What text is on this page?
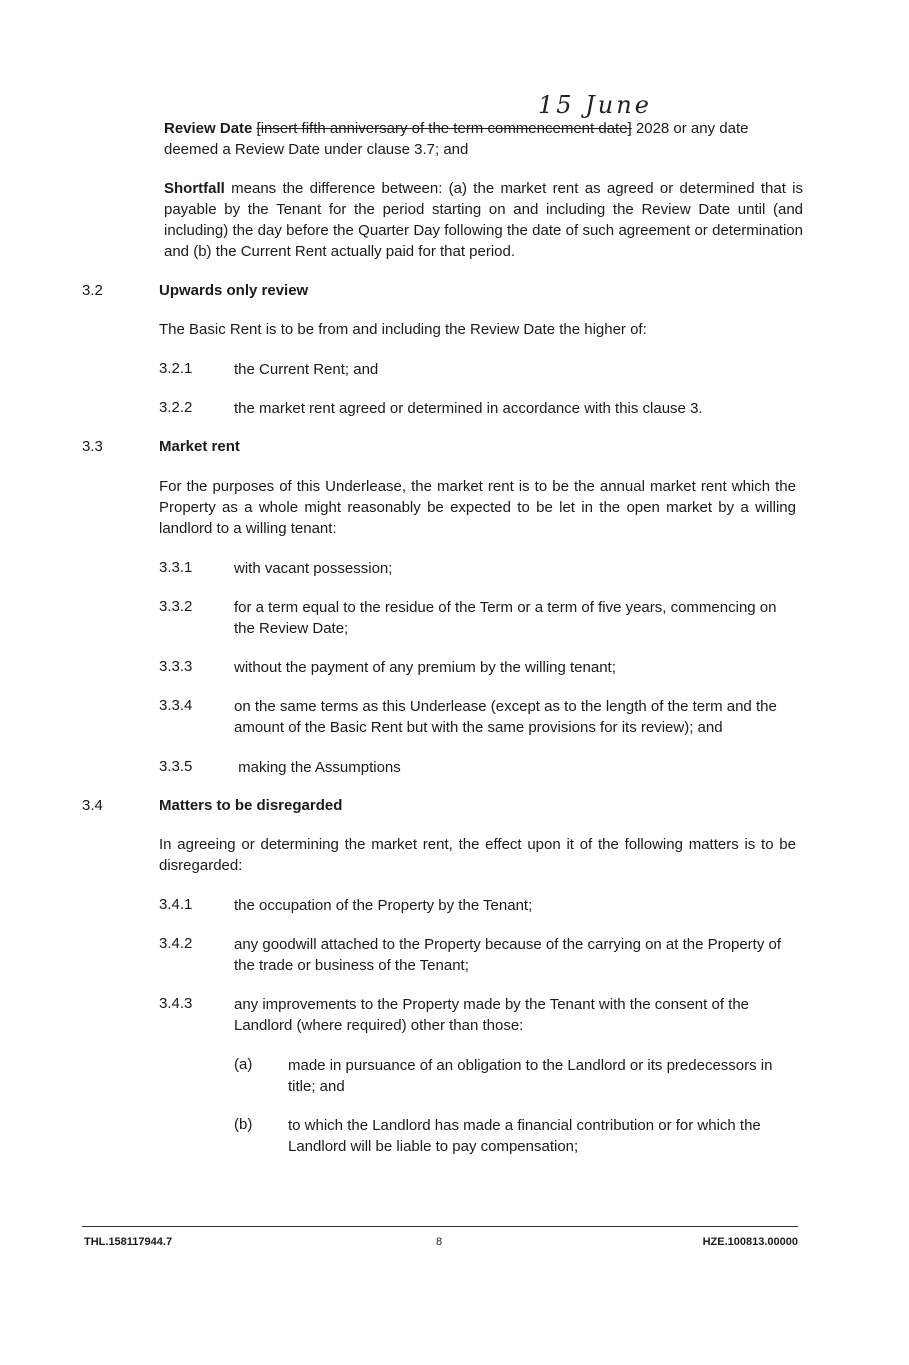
15 June
Review Date [insert fifth anniversary of the term commencement date] 2028 or any date
deemed a Review Date under clause 3.7; and
Shortfall means the difference between: (a) the market rent as agreed or determined that is payable by the Tenant for the period starting on and including the Review Date until (and including) the day before the Quarter Day following the date of such agreement or determination and (b) the Current Rent actually paid for that period.
3.2	Upwards only review
The Basic Rent is to be from and including the Review Date the higher of:
3.2.1	the Current Rent; and
3.2.2	the market rent agreed or determined in accordance with this clause 3.
3.3	Market rent
For the purposes of this Underlease, the market rent is to be the annual market rent which the Property as a whole might reasonably be expected to be let in the open market by a willing landlord to a willing tenant:
3.3.1	with vacant possession;
3.3.2	for a term equal to the residue of the Term or a term of five years, commencing on the Review Date;
3.3.3	without the payment of any premium by the willing tenant;
3.3.4	on the same terms as this Underlease (except as to the length of the term and the amount of the Basic Rent but with the same provisions for its review); and
3.3.5	making the Assumptions
3.4	Matters to be disregarded
In agreeing or determining the market rent, the effect upon it of the following matters is to be disregarded:
3.4.1	the occupation of the Property by the Tenant;
3.4.2	any goodwill attached to the Property because of the carrying on at the Property of the trade or business of the Tenant;
3.4.3	any improvements to the Property made by the Tenant with the consent of the Landlord (where required) other than those:
(a) made in pursuance of an obligation to the Landlord or its predecessors in title; and
(b) to which the Landlord has made a financial contribution or for which the Landlord will be liable to pay compensation;
THL.158117944.7	8	HZE.100813.00000
